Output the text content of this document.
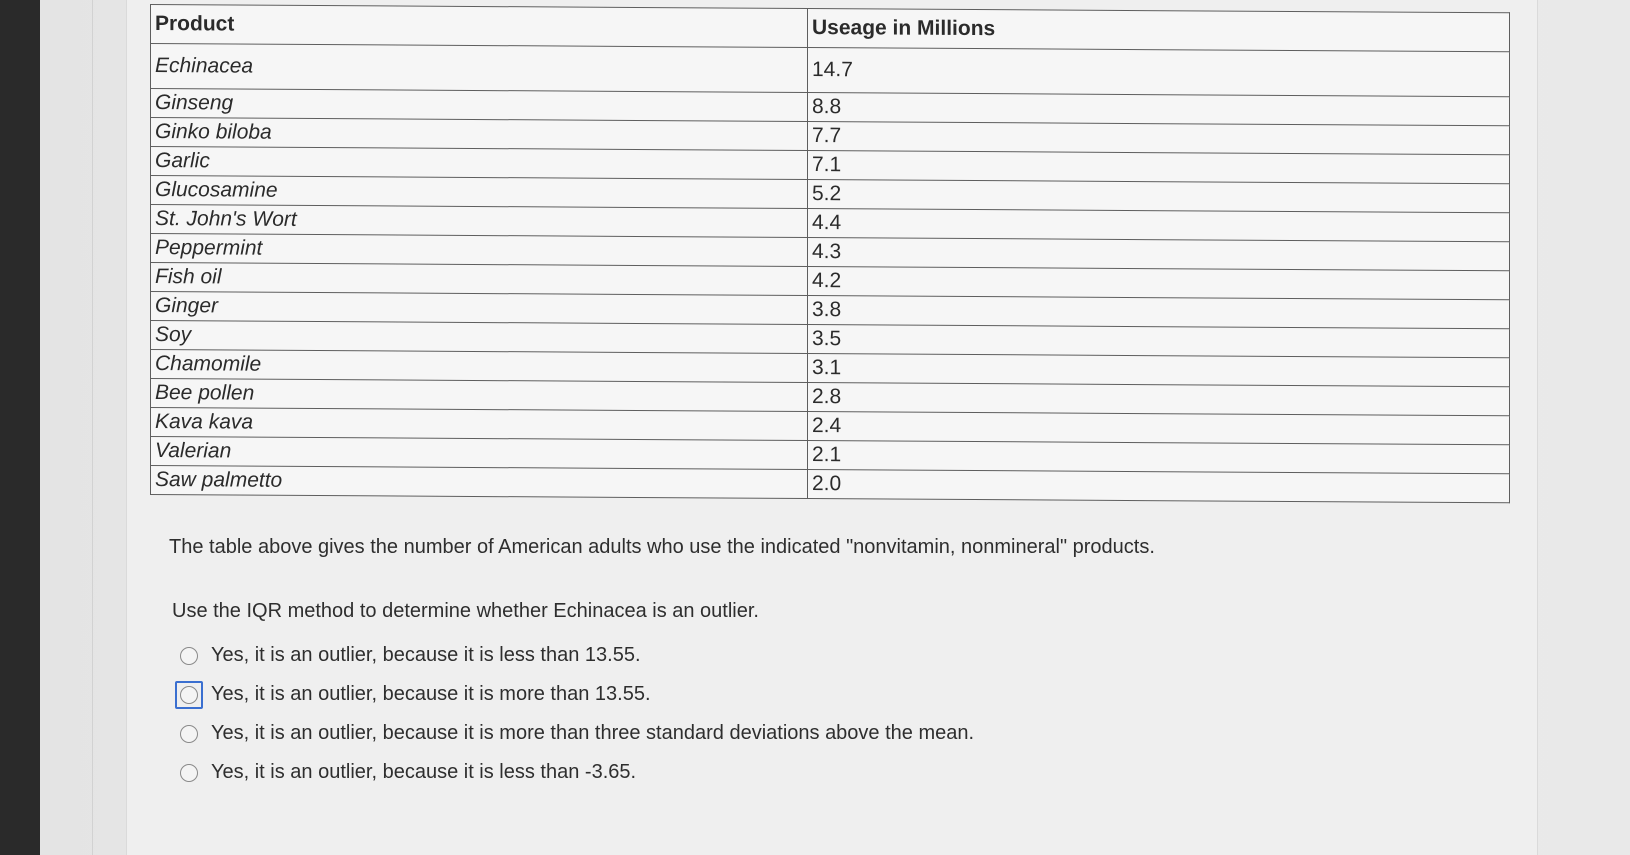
Product	Useage in Millions
Echinacea	14.7
Ginseng	8.8
Ginko biloba	7.7
Garlic	7.1
Glucosamine	5.2
St. John's Wort	4.4
Peppermint	4.3
Fish oil	4.2
Ginger	3.8
Soy	3.5
Chamomile	3.1
Bee pollen	2.8
Kava kava	2.4
Valerian	2.1
Saw palmetto	2.0
The table above gives the number of American adults who use the indicated "nonvitamin, nonmineral" products.
Use the IQR method to determine whether Echinacea is an outlier.
Yes, it is an outlier, because it is less than 13.55.
Yes, it is an outlier, because it is more than 13.55.
Yes, it is an outlier, because it is more than three standard deviations above the mean.
Yes, it is an outlier, because it is less than -3.65.
